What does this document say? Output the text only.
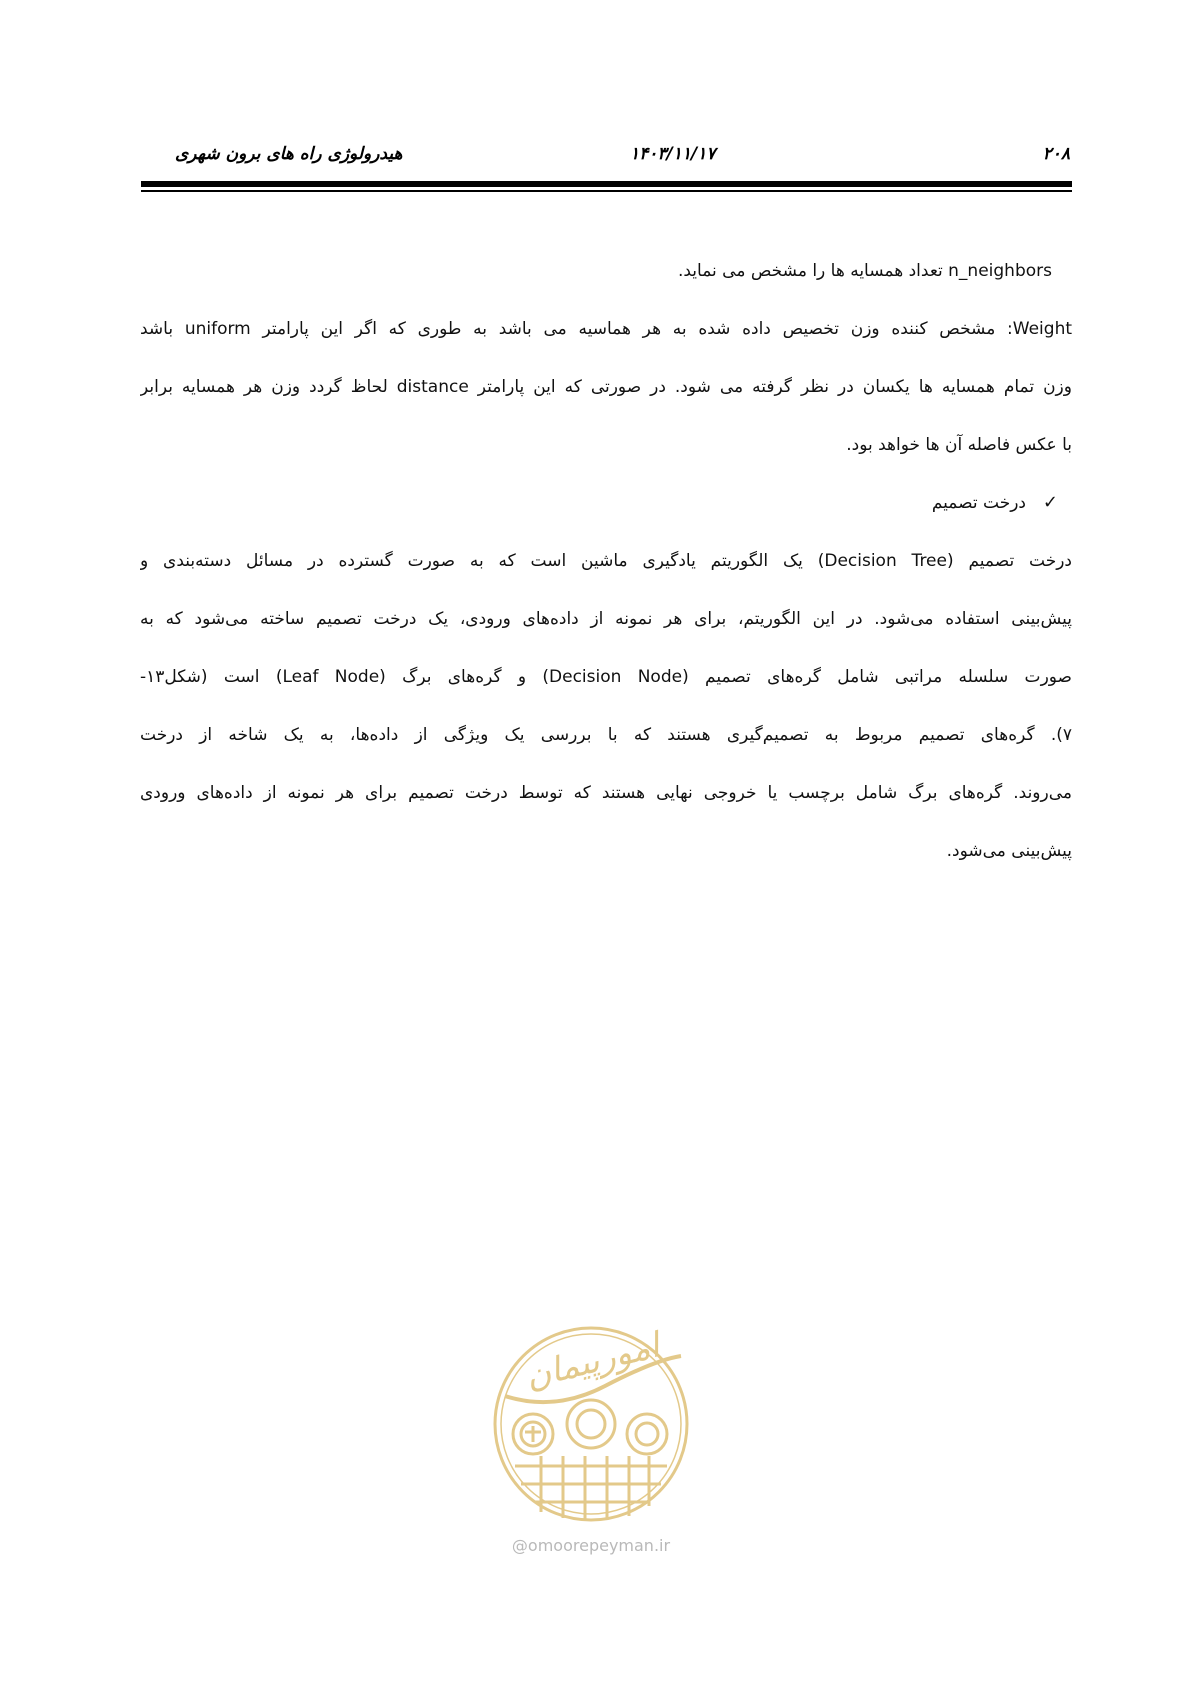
هیدرولوژی راه های برون شهری	۱۴۰۳/۱۱/۱۷	۲۰۸
n_neighbors تعداد همسایه ها را مشخص می نماید.
Weight: مشخص کننده وزن تخصیص داده شده به هر هماسیه می باشد به طوری که اگر این پارامتر uniform باشد
وزن تمام همسایه ها یکسان در نظر گرفته می شود. در صورتی که این پارامتر distance لحاظ گردد وزن هر همسایه برابر
با عکس فاصله آن ها خواهد بود.
✓درخت تصمیم
درخت تصمیم (Decision Tree) یک الگوریتم یادگیری ماشین است که به صورت گسترده در مسائل دسته‌بندی و
پیش‌بینی استفاده می‌شود. در این الگوریتم، برای هر نمونه از داده‌های ورودی، یک درخت تصمیم ساخته می‌شود که به
صورت سلسله مراتبی شامل گره‌های تصمیم (Decision Node) و گره‌های برگ (Leaf Node) است (شکل۱۳-
۷). گره‌های تصمیم مربوط به تصمیم‌گیری هستند که با بررسی یک ویژگی از داده‌ها، به یک شاخه از درخت
می‌روند. گره‌های برگ شامل برچسب یا خروجی نهایی هستند که توسط درخت تصمیم برای هر نمونه از داده‌های ورودی
پیش‌بینی می‌شود.
امورپیمان
@omoorepeyman.ir
